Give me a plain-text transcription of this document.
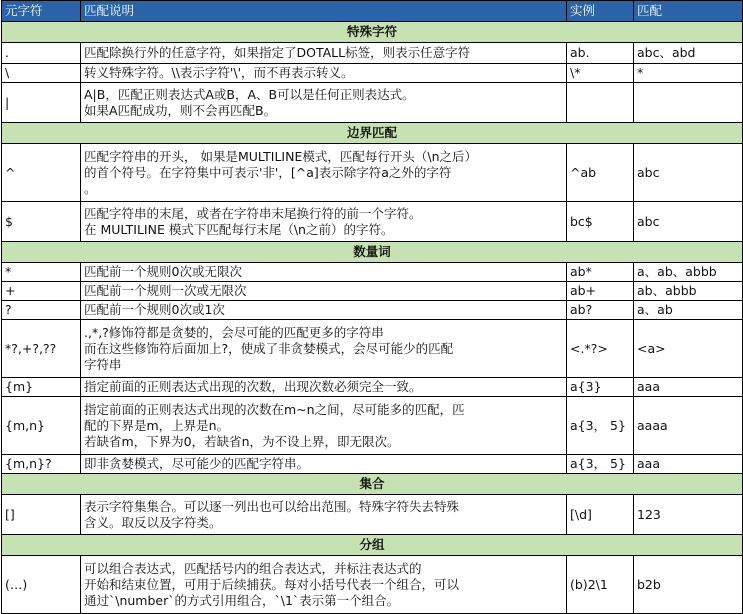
元字符	匹配说明	实例	匹配
特殊字符			
.	匹配除换行外的任意字符，如果指定了DOTALL标签，则表示任意字符	ab.	abc、abd
\	转义特殊字符。\\表示字符'\'，而不再表示转义。	\*	*
|	A|B，匹配正则表达式A或B，A、B可以是任何正则表达式。
如果A匹配成功，则不会再匹配B。		

边界匹配			
^	匹配字符串的开头， 如果是MULTILINE模式，匹配每行开头（\n之后）
的首个符号。在字符集中可表示'非'，[^a]表示除字符a之外的字符
。	^ab	abc
$	匹配字符串的末尾，或者在字符串末尾换行符的前一个字符。
在 MULTILINE 模式下匹配每行末尾（\n之前）的字符。	bc$	abc
数量词			
*	匹配前一个规则0次或无限次	ab*	a、ab、abbb
+	匹配前一个规则一次或无限次	ab+	ab、abbb
?	匹配前一个规则0次或1次	ab?	a、ab
*?,+?,??	.,*,?修饰符都是贪婪的，会尽可能的匹配更多的字符串
而在这些修饰符后面加上?，使成了非贪婪模式，会尽可能少的匹配
字符串	<.*?>	<a>
{m}	指定前面的正则表达式出现的次数，出现次数必须完全一致。	a{3}	aaa
{m,n}	指定前面的正则表达式出现的次数在m~n之间，尽可能多的匹配，匹
配的下界是m，上界是n。
若缺省m，下界为0，若缺省n，为不设上界，即无限次。	a{3， 5}	aaaa
{m,n}?	即非贪婪模式，尽可能少的匹配字符串。	a{3， 5}	aaa
集合			
[]	表示字符集集合。可以逐一列出也可以给出范围。特殊字符失去特殊
含义。取反以及字符类。	[\d]	123
分组			
(…)	可以组合表达式，匹配括号内的组合表达式，并标注表达式的
开始和结束位置，可用于后续捕获。每对小括号代表一个组合，可以
通过`\number`的方式引用组合，`\1`表示第一个组合。	(b)2\1	b2b
